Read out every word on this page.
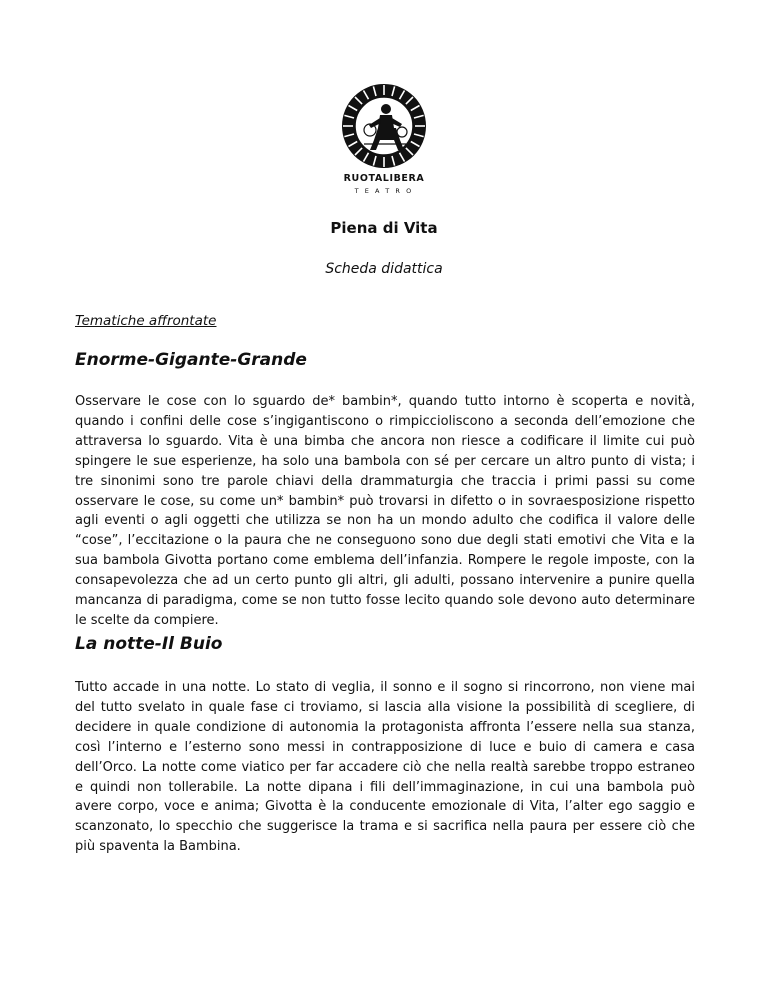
RUOTALIBERA
TEATRO
Piena di Vita
Scheda didattica
Tematiche affrontate
Enorme-Gigante-Grande

Osservare le cose con lo sguardo de* bambin*, quando tutto intorno è scoperta e novità, quando i confini delle cose s’ingigantiscono o rimpiccioliscono a seconda dell’emozione che attraversa lo sguardo. Vita è una bimba che ancora non riesce a codificare il limite cui può spingere le sue esperienze, ha solo una bambola con sé per cercare un altro punto di vista; i tre sinonimi sono tre parole chiavi della drammaturgia che traccia i primi passi su come osservare le cose, su come un* bambin* può trovarsi in difetto o in sovraesposizione rispetto agli eventi o agli oggetti che utilizza se non ha un mondo adulto che codifica il valore delle “cose”, l’eccitazione o la paura che ne conseguono sono due degli stati emotivi che Vita e la sua bambola Givotta portano come emblema dell’infanzia. Rompere le regole imposte, con la consapevolezza che ad un certo punto gli altri, gli adulti, possano intervenire a punire quella mancanza di paradigma, come se non tutto fosse lecito quando sole devono auto determinare le scelte da compiere.

La notte-Il Buio

Tutto accade in una notte. Lo stato di veglia, il sonno e il sogno si rincorrono, non viene mai del tutto svelato in quale fase ci troviamo, si lascia alla visione la possibilità di scegliere, di decidere in quale condizione di autonomia la protagonista affronta l’essere nella sua stanza, così l’interno e l’esterno sono messi in contrapposizione di luce e buio di camera e casa dell’Orco. La notte come viatico per far accadere ciò che nella realtà sarebbe troppo estraneo e quindi non tollerabile. La notte dipana i fili dell’immaginazione, in cui una bambola può avere corpo, voce e anima; Givotta è la conducente emozionale di Vita, l’alter ego saggio e scanzonato, lo specchio che suggerisce la trama e si sacrifica nella paura per essere ciò che più spaventa la Bambina.
